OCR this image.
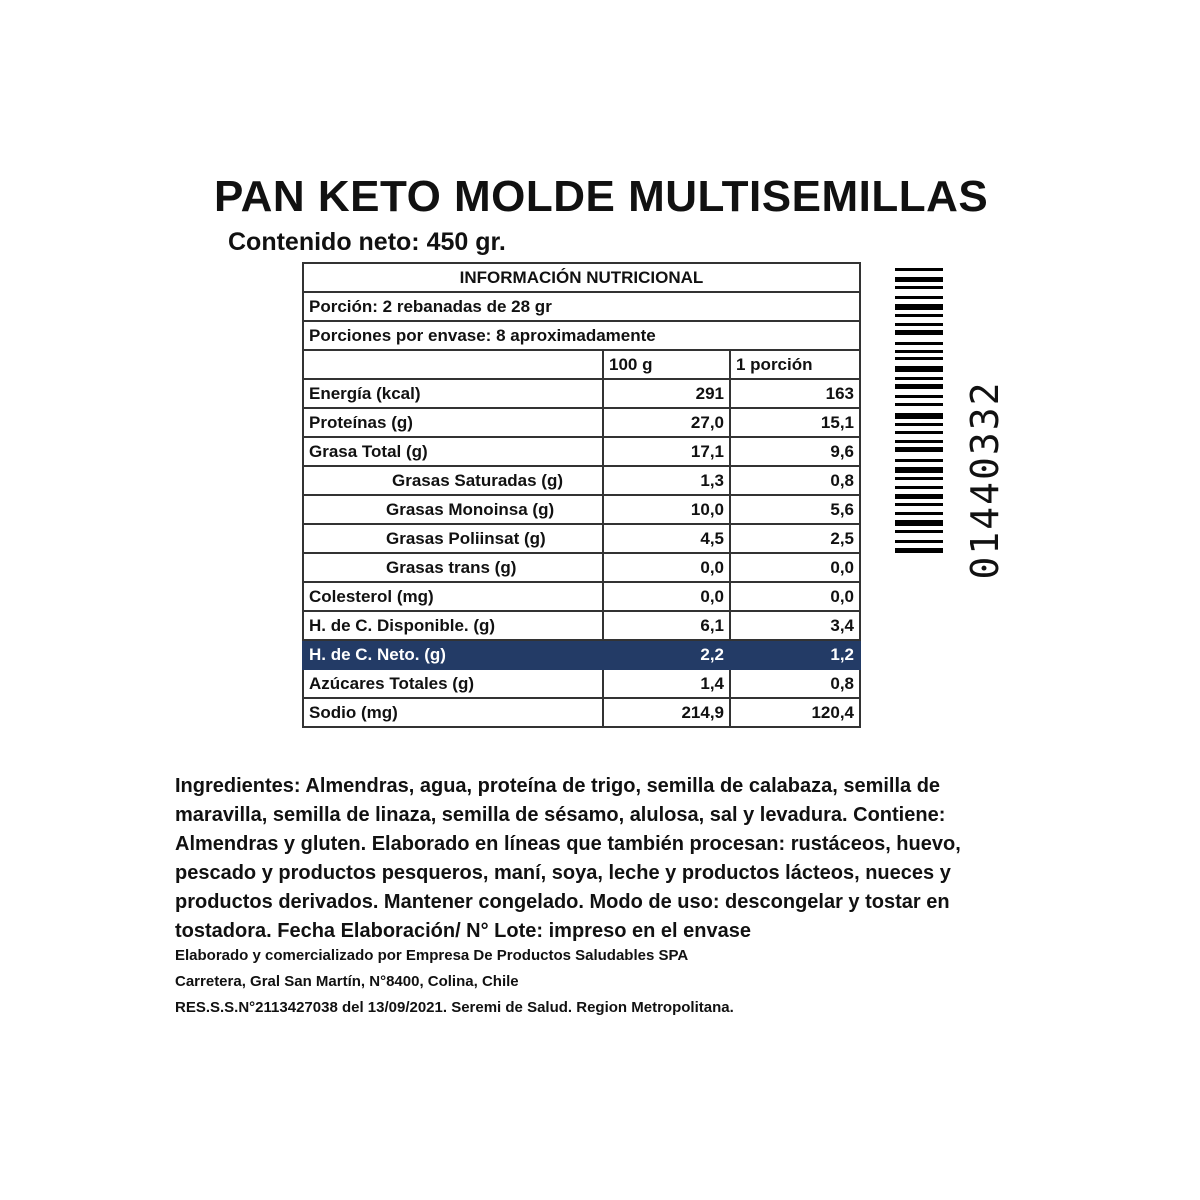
PAN KETO MOLDE MULTISEMILLAS
Contenido neto: 450 gr.
INFORMACIÓN NUTRICIONAL		
Porción: 2 rebanadas de 28 gr		
Porciones por envase: 8 aproximadamente		
	100 g	1 porción
Energía (kcal)	291	163
Proteínas (g)	27,0	15,1
Grasa Total (g)	17,1	9,6
Grasas Saturadas (g)	1,3	0,8
Grasas Monoinsa (g)	10,0	5,6
Grasas Poliinsat (g)	4,5	2,5
Grasas trans (g)	0,0	0,0
Colesterol (mg)	0,0	0,0
H. de C. Disponible. (g)	6,1	3,4
H. de C. Neto. (g)	2,2	1,2
Azúcares Totales (g)	1,4	0,8
Sodio (mg)	214,9	120,4
01440332
Ingredientes: Almendras, agua, proteína de trigo, semilla de calabaza, semilla de maravilla, semilla de linaza, semilla de sésamo, alulosa, sal y levadura. Contiene: Almendras y gluten. Elaborado en líneas que también procesan: rustáceos, huevo, pescado y productos pesqueros, maní, soya, leche y productos lácteos, nueces y productos derivados. Mantener congelado. Modo de uso: descongelar y tostar en tostadora. Fecha Elaboración/ N° Lote: impreso en el envase
Elaborado y comercializado por Empresa De Productos Saludables SPA
Carretera, Gral San Martín, N°8400, Colina, Chile
RES.S.S.N°2113427038 del 13/09/2021. Seremi de Salud. Region Metropolitana.
